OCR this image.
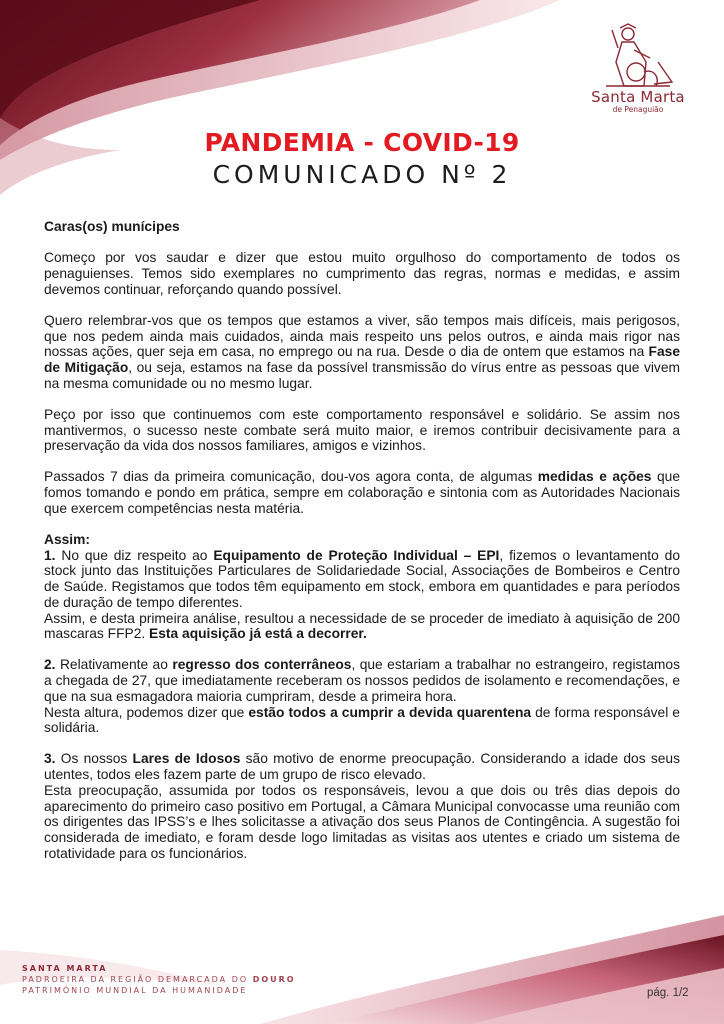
Santa Marta
de Penaguião
PANDEMIA - COVID-19
COMUNICADO Nº 2

Caras(os) munícipes

Começo por vos saudar e dizer que estou muito orgulhoso do comportamento de todos os penaguienses. Temos sido exemplares no cumprimento das regras, normas e medidas, e assim devemos continuar, reforçando quando possível.

Quero relembrar-vos que os tempos que estamos a viver, são tempos mais difíceis, mais perigosos, que nos pedem ainda mais cuidados, ainda mais respeito uns pelos outros, e ainda mais rigor nas nossas ações, quer seja em casa, no emprego ou na rua. Desde o dia de ontem que estamos na Fase de Mitigação, ou seja, estamos na fase da possível transmissão do vírus entre as pessoas que vivem na mesma comunidade ou no mesmo lugar.

Peço por isso que continuemos com este comportamento responsável e solidário. Se assim nos mantivermos, o sucesso neste combate será muito maior, e iremos contribuir decisivamente para a preservação da vida dos nossos familiares, amigos e vizinhos.

Passados 7 dias da primeira comunicação, dou-vos agora conta, de algumas medidas e ações que fomos tomando e pondo em prática, sempre em colaboração e sintonia com as Autoridades Nacionais que exercem competências nesta matéria.

Assim:

1. No que diz respeito ao Equipamento de Proteção Individual – EPI, fizemos o levantamento do stock junto das Instituições Particulares de Solidariedade Social, Associações de Bombeiros e Centro de Saúde. Registamos que todos têm equipamento em stock, embora em quantidades e para períodos de duração de tempo diferentes.

Assim, e desta primeira análise, resultou a necessidade de se proceder de imediato à aquisição de 200 mascaras FFP2. Esta aquisição já está a decorrer.

2. Relativamente ao regresso dos conterrâneos, que estariam a trabalhar no estrangeiro, registamos a chegada de 27, que imediatamente receberam os nossos pedidos de isolamento e recomendações, e que na sua esmagadora maioria cumpriram, desde a primeira hora.

Nesta altura, podemos dizer que estão todos a cumprir a devida quarentena de forma responsável e solidária.

3. Os nossos Lares de Idosos são motivo de enorme preocupação. Considerando a idade dos seus utentes, todos eles fazem parte de um grupo de risco elevado.

Esta preocupação, assumida por todos os responsáveis, levou a que dois ou três dias depois do aparecimento do primeiro caso positivo em Portugal, a Câmara Municipal convocasse uma reunião com os dirigentes das IPSS’s e lhes solicitasse a ativação dos seus Planos de Contingência. A sugestão foi considerada de imediato, e foram desde logo limitadas as visitas aos utentes e criado um sistema de rotatividade para os funcionários.

SANTA MARTA
PADROEIRA DA REGIÃO DEMARCADA DO DOURO
PATRIMÓNIO MUNDIAL DA HUMANIDADE	pág. 1/2
